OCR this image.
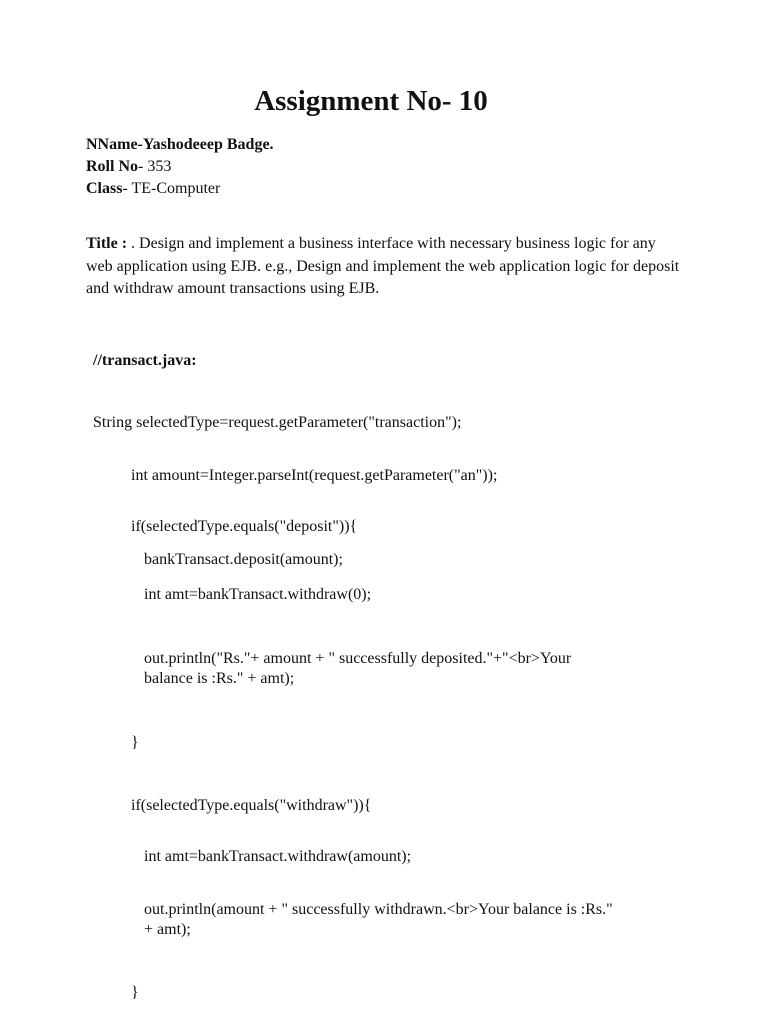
Assignment No- 10
NName-Yashodeeep Badge.
Roll No- 353
Class- TE-Computer
Title : . Design and implement a business interface with necessary business logic for any web application using EJB. e.g., Design and implement the web application logic for deposit and withdraw amount transactions using EJB.
//transact.java:
String selectedType=request.getParameter("transaction");
int amount=Integer.parseInt(request.getParameter("an"));
if(selectedType.equals("deposit")){
bankTransact.deposit(amount);
int amt=bankTransact.withdraw(0);
out.println("Rs."+ amount + " successfully deposited."+"<br>Your
balance is :Rs." + amt);
}
if(selectedType.equals("withdraw")){
int amt=bankTransact.withdraw(amount);
out.println(amount + " successfully withdrawn.<br>Your balance is :Rs."
+ amt);
}
